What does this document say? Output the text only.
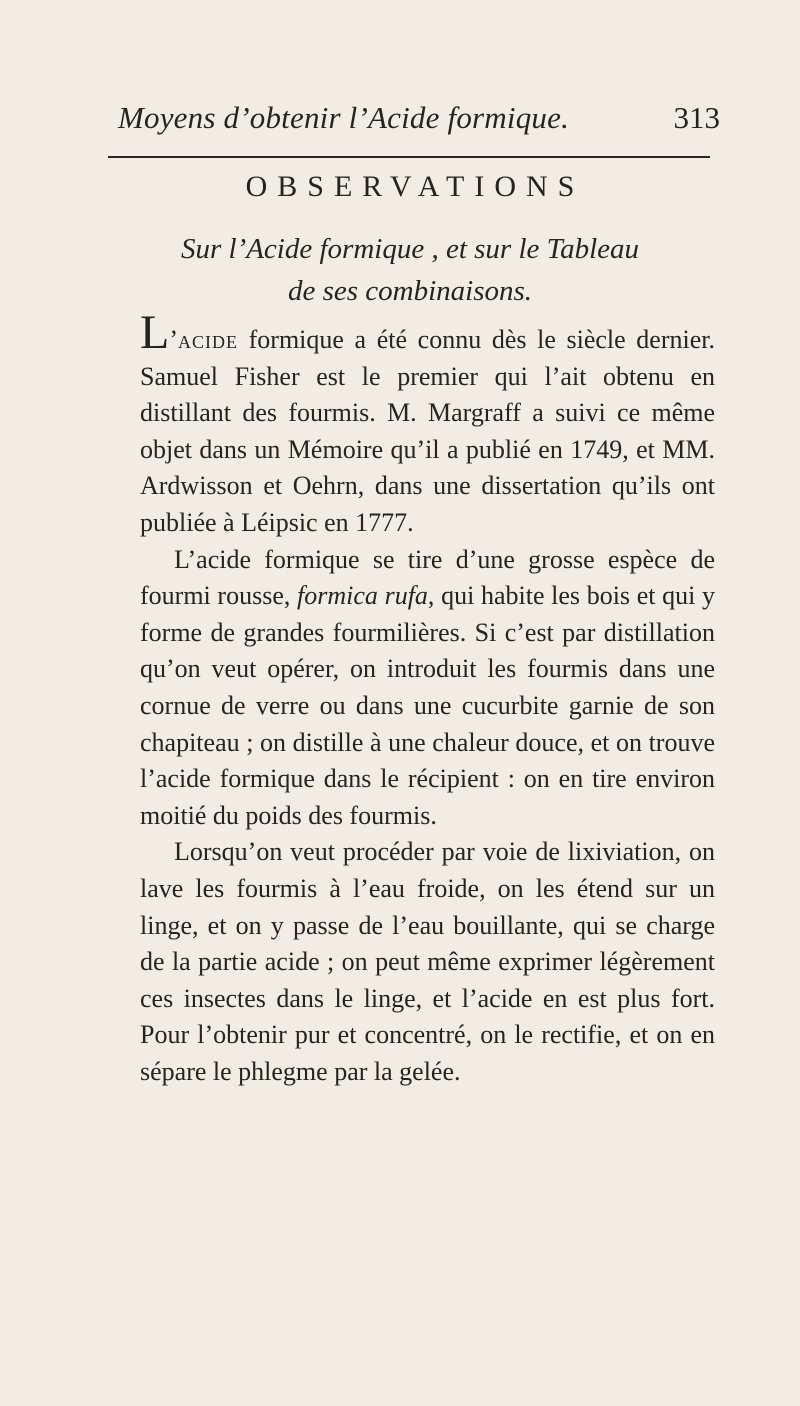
Moyens d’obtenir l’Acide formique.	313
OBSERVATIONS
Sur l’Acide formique , et sur le Tableau
de ses combinaisons.

L’acide formique a été connu dès le siècle dernier. Samuel Fisher est le premier qui l’ait obtenu en distillant des fourmis. M. Margraff a suivi ce même objet dans un Mémoire qu’il a publié en 1749, et MM. Ardwisson et Oehrn, dans une dissertation qu’ils ont publiée à Léipsic en 1777.

L’acide formique se tire d’une grosse espèce de fourmi rousse, formica rufa, qui habite les bois et qui y forme de grandes fourmilières. Si c’est par distillation qu’on veut opérer, on introduit les fourmis dans une cornue de verre ou dans une cucurbite garnie de son chapiteau ; on distille à une chaleur douce, et on trouve l’acide formique dans le récipient : on en tire environ moitié du poids des fourmis.

Lorsqu’on veut procéder par voie de lixiviation, on lave les fourmis à l’eau froide, on les étend sur un linge, et on y passe de l’eau bouillante, qui se charge de la partie acide ; on peut même exprimer légèrement ces insectes dans le linge, et l’acide en est plus fort. Pour l’obtenir pur et concentré, on le rectifie, et on en sépare le phlegme par la gelée.
